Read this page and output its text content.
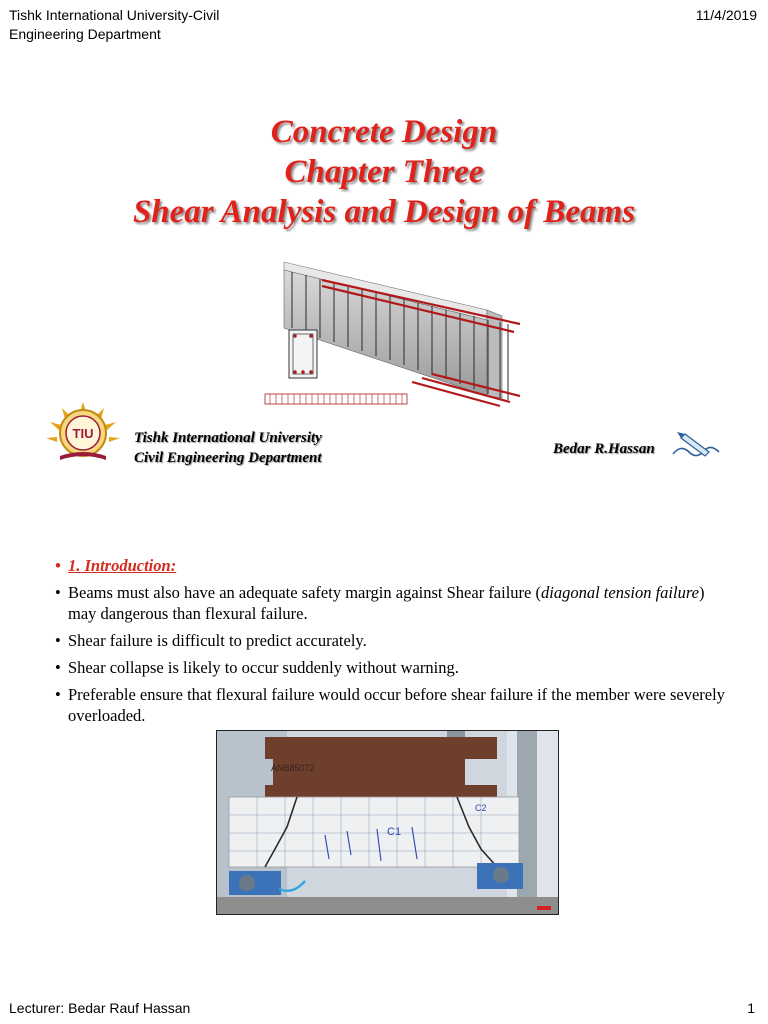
Tishk International University-Civil
Engineering Department
11/4/2019
Concrete Design
Chapter Three
Shear Analysis and Design of Beams
TIU	Tishk International University
Civil Engineering Department
Bedar R.Hassan
• 1. Introduction:
• Beams must also have an adequate safety margin against Shear failure (diagonal tension failure) may dangerous than flexural failure.
• Shear failure is difficult to predict accurately.
• Shear collapse is likely to occur suddenly without warning.
• Preferable ensure that flexural failure would occur before shear failure if the member were severely overloaded.
ANB85072
C1
C2
Lecturer: Bedar Rauf Hassan	1
